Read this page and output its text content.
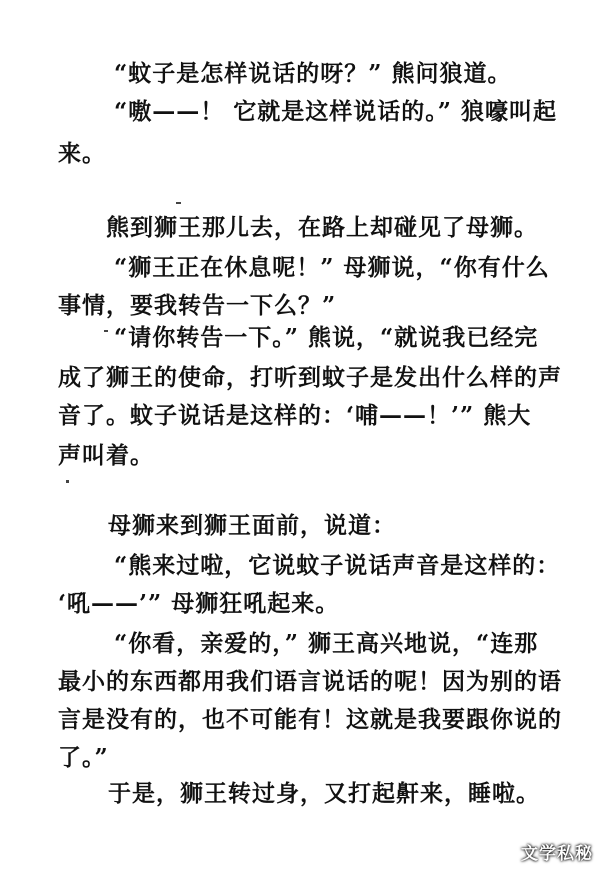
“蚊子是怎样说话的呀？” 熊问狼道。
“嗷——！ 它就是这样说话的。” 狼嚎叫起
来。
熊到狮王那儿去，在路上却碰见了母狮。
“狮王正在休息呢！” 母狮说，“你有什么
事情，要我转告一下么？”
“请你转告一下。” 熊说，“就说我已经完
成了狮王的使命，打听到蚊子是发出什么样的声
音了。蚊子说话是这样的：‘哺——！’” 熊大
声叫着。
母狮来到狮王面前，说道：
“熊来过啦，它说蚊子说话声音是这样的：
‘吼——’” 母狮狂吼起来。
“你看，亲爱的，” 狮王高兴地说，“连那
最小的东西都用我们语言说话的呢！因为别的语
言是没有的，也不可能有！这就是我要跟你说的
了。”
于是，狮王转过身，又打起鼾来，睡啦。
文学私秘
